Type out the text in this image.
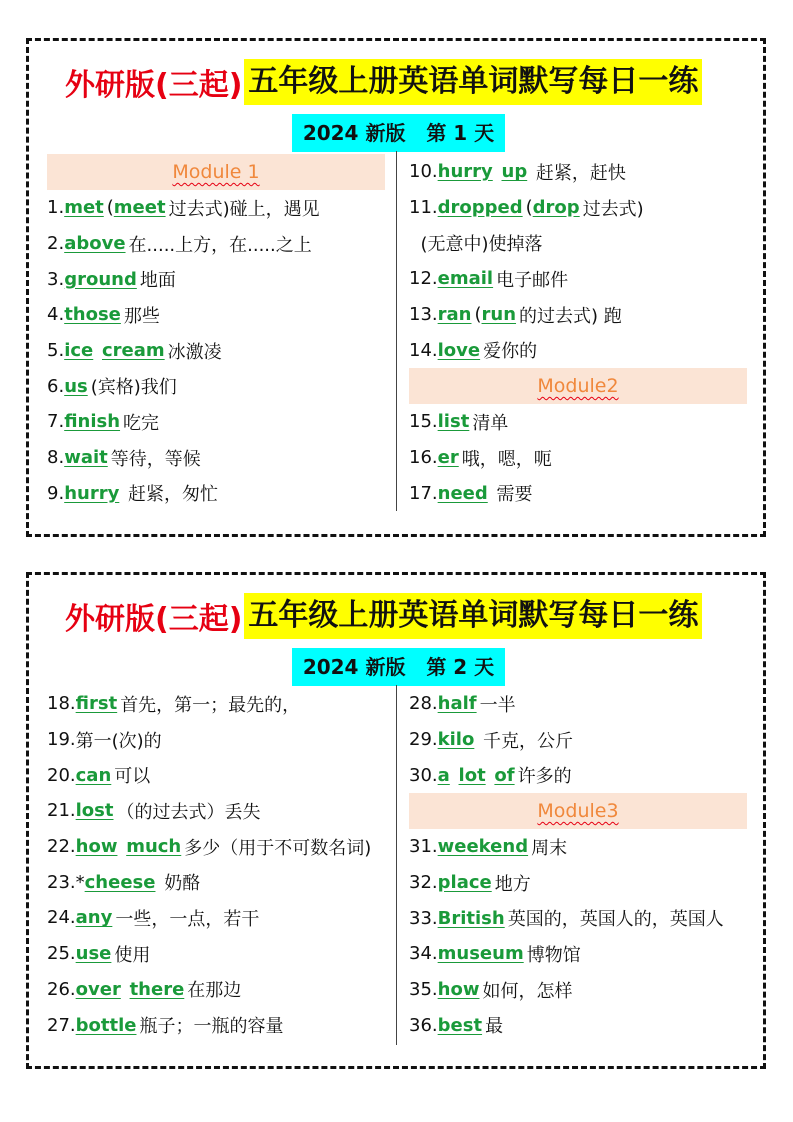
外研版(三起) 五年级上册英语单词默写每日一练
2024 新版   第 1 天
Module 1
1. met ( meet 过去式)碰上，遇见
2. above 在.....上方，在.....之上
3. ground 地面
4. those 那些
5. ice
cream 冰激凌
6. us (宾格)我们
7. finish 吃完
8. wait 等待，等候
9. hurry 赶紧，匆忙
10. hurry
up 赶紧，赶快
11. dropped ( drop 过去式)
(无意中)使掉落
12. email 电子邮件
13. ran ( run 的过去式) 跑
14. love 爱你的
Module2
15. list 清单
16. er 哦，嗯，呃
17. need 需要
外研版(三起) 五年级上册英语单词默写每日一练
2024 新版   第 2 天
18. first 首先，第一；最先的，
19. 第一(次)的
20. can 可以
21. lost （的过去式）丢失
22. how
much 多少（用于不可数名词)
23.* cheese 奶酪
24. any 一些，一点，若干
25. use 使用
26. over
there 在那边
27. bottle 瓶子；一瓶的容量
28. half 一半
29. kilo 千克，公斤
30. a
lot
of 许多的
Module3
31. weekend 周末
32. place 地方
33. British 英国的，英国人的，英国人
34. museum 博物馆
35. how 如何，怎样
36. best 最
